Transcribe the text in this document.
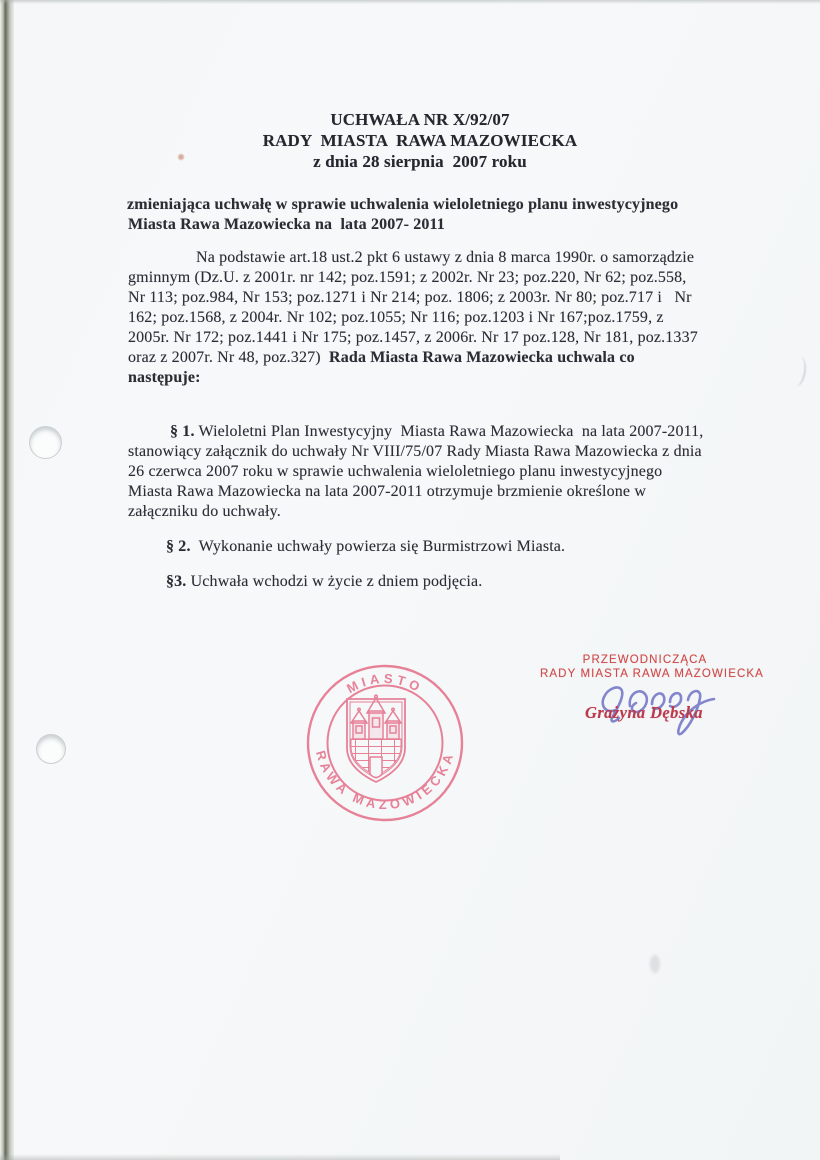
UCHWAŁA NR X/92/07
RADY  MIASTA  RAWA MAZOWIECKA
z dnia 28 sierpnia  2007 roku
zmieniająca uchwałę w sprawie uchwalenia wieloletniego planu inwestycyjnego
Miasta Rawa Mazowiecka na  lata 2007- 2011
Na podstawie art.18 ust.2 pkt 6 ustawy z dnia 8 marca 1990r. o samorządzie
gminnym (Dz.U. z 2001r. nr 142; poz.1591; z 2002r. Nr 23; poz.220, Nr 62; poz.558,
Nr 113; poz.984, Nr 153; poz.1271 i Nr 214; poz. 1806; z 2003r. Nr 80; poz.717 i   Nr
162; poz.1568, z 2004r. Nr 102; poz.1055; Nr 116; poz.1203 i Nr 167;poz.1759, z
2005r. Nr 172; poz.1441 i Nr 175; poz.1457, z 2006r. Nr 17 poz.128, Nr 181, poz.1337
oraz z 2007r. Nr 48, poz.327)  Rada Miasta Rawa Mazowiecka uchwala co
następuje:
§ 1. Wieloletni Plan Inwestycyjny  Miasta Rawa Mazowiecka  na lata 2007-2011,
stanowiący załącznik do uchwały Nr VIII/75/07 Rady Miasta Rawa Mazowiecka z dnia
26 czerwca 2007 roku w sprawie uchwalenia wieloletniego planu inwestycyjnego
Miasta Rawa Mazowiecka na lata 2007-2011 otrzymuje brzmienie określone w
załączniku do uchwały.
§ 2.  Wykonanie uchwały powierza się Burmistrzowi Miasta.
§3. Uchwała wchodzi w życie z dniem podjęcia.
MIASTO
RAWA MAZOWIECKA
PRZEWODNICZĄCA
RADY MIASTA RAWA MAZOWIECKA
Grażyna Dębska
